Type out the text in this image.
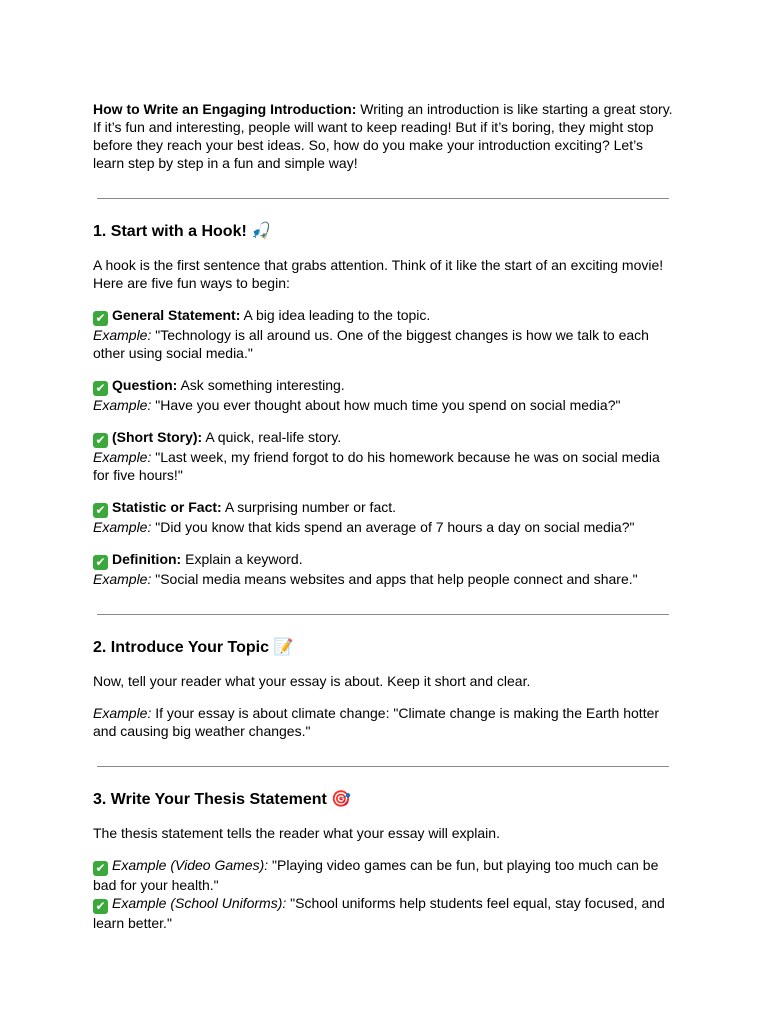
How to Write an Engaging Introduction: Writing an introduction is like starting a great story. If it’s fun and interesting, people will want to keep reading! But if it’s boring, they might stop before they reach your best ideas. So, how do you make your introduction exciting? Let’s learn step by step in a fun and simple way!

1. Start with a Hook! 🎣

A hook is the first sentence that grabs attention. Think of it like the start of an exciting movie! Here are five fun ways to begin:

✔ General Statement: A big idea leading to the topic.

Example: "Technology is all around us. One of the biggest changes is how we talk to each other using social media."

✔ Question: Ask something interesting.

Example: "Have you ever thought about how much time you spend on social media?"

✔ (Short Story): A quick, real-life story.

Example: "Last week, my friend forgot to do his homework because he was on social media for five hours!"

✔ Statistic or Fact: A surprising number or fact.

Example: "Did you know that kids spend an average of 7 hours a day on social media?"

✔ Definition: Explain a keyword.

Example: "Social media means websites and apps that help people connect and share."

2. Introduce Your Topic 📝

Now, tell your reader what your essay is about. Keep it short and clear.

Example: If your essay is about climate change: "Climate change is making the Earth hotter and causing big weather changes."

3. Write Your Thesis Statement 🎯

The thesis statement tells the reader what your essay will explain.

✔ Example (Video Games): "Playing video games can be fun, but playing too much can be bad for your health."

✔ Example (School Uniforms): "School uniforms help students feel equal, stay focused, and learn better."
